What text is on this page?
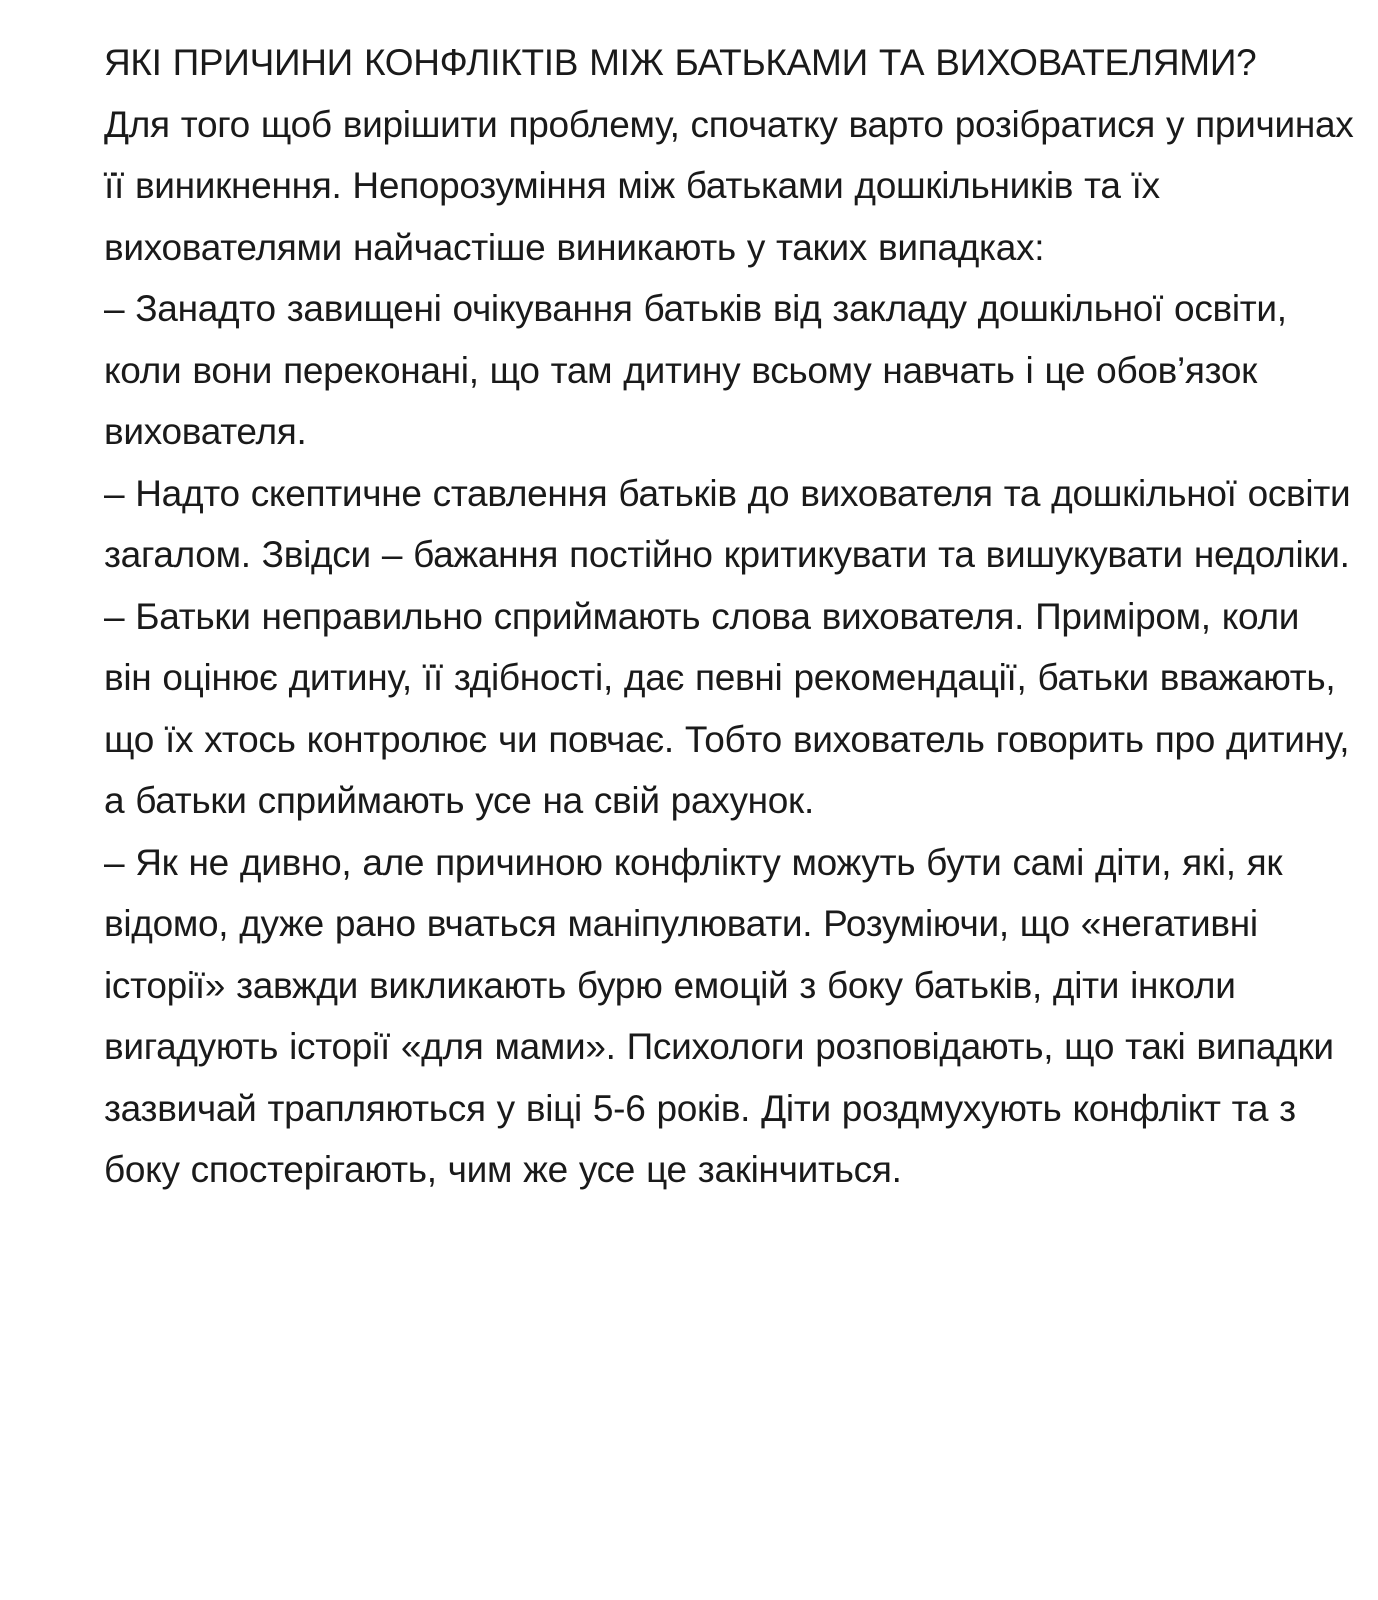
ЯКІ ПРИЧИНИ КОНФЛІКТІВ МІЖ БАТЬКАМИ ТА ВИХОВАТЕЛЯМИ?

Для того щоб вирішити проблему, спочатку варто розібратися у причинах її виникнення. Непорозуміння між батьками дошкільників та їх вихователями найчастіше виникають у таких випадках:

– Занадто завищені очікування батьків від закладу дошкільної освіти, коли вони переконані, що там дитину всьому навчать і це обов’язок вихователя.

– Надто скептичне ставлення батьків до вихователя та дошкільної освіти загалом. Звідси – бажання постійно критикувати та вишукувати недоліки.

– Батьки неправильно сприймають слова вихователя. Приміром, коли він оцінює дитину, її здібності, дає певні рекомендації, батьки вважають, що їх хтось контролює чи повчає. Тобто вихователь говорить про дитину, а батьки сприймають усе на свій рахунок.

– Як не дивно, але причиною конфлікту можуть бути самі діти, які, як відомо, дуже рано вчаться маніпулювати. Розуміючи, що «негативні історії» завжди викликають бурю емоцій з боку батьків, діти інколи вигадують історії «для мами». Психологи розповідають, що такі випадки зазвичай трапляються у віці 5-6 років. Діти роздмухують конфлікт та з боку спостерігають, чим же усе це закінчиться.
